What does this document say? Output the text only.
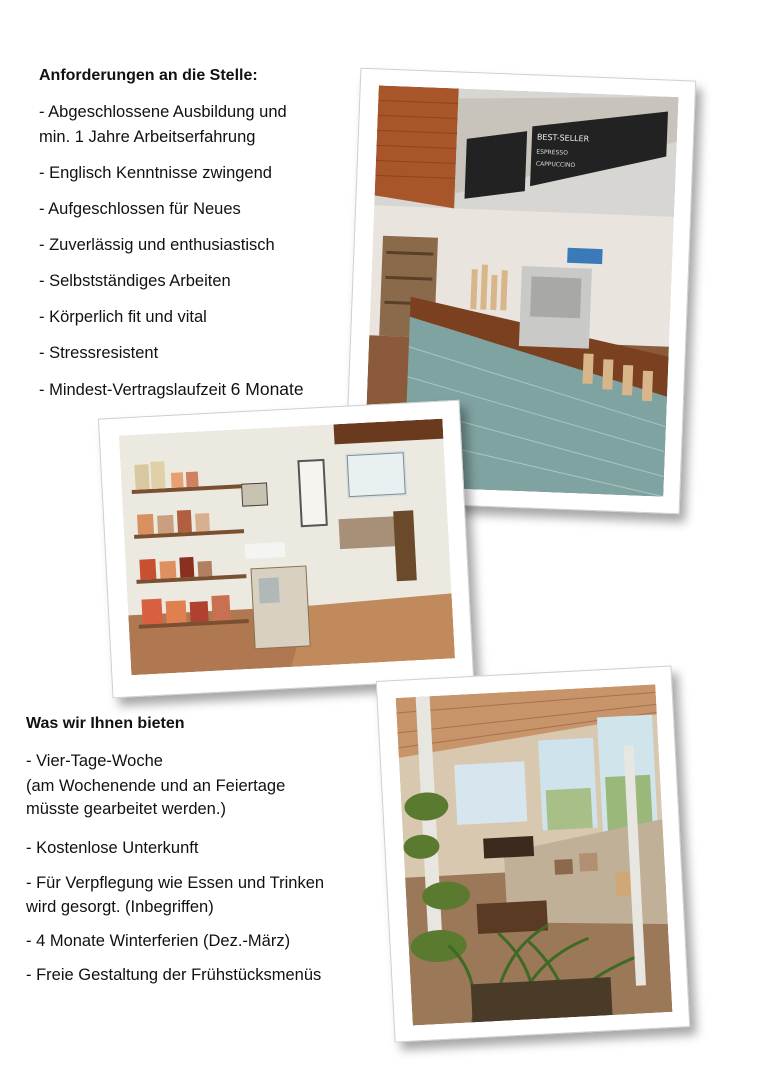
Anforderungen an die Stelle:
- Abgeschlossene Ausbildung und
min. 1 Jahre Arbeitserfahrung
- Englisch Kenntnisse zwingend
- Aufgeschlossen für Neues
- Zuverlässig und enthusiastisch
- Selbstständiges Arbeiten
- Körperlich fit und vital
- Stressresistent
- Mindest-Vertragslaufzeit 6 Monate
Was wir Ihnen bieten
- Vier-Tage-Woche
(am Wochenende und an Feiertage
müsste gearbeitet werden.)
- Kostenlose Unterkunft
- Für Verpflegung wie Essen und Trinken
wird gesorgt. (Inbegriffen)
- 4 Monate Winterferien (Dez.-März)
- Freie Gestaltung der Frühstücksmenüs
BEST-SELLER
ESPRESSO
CAPPUCCINO
